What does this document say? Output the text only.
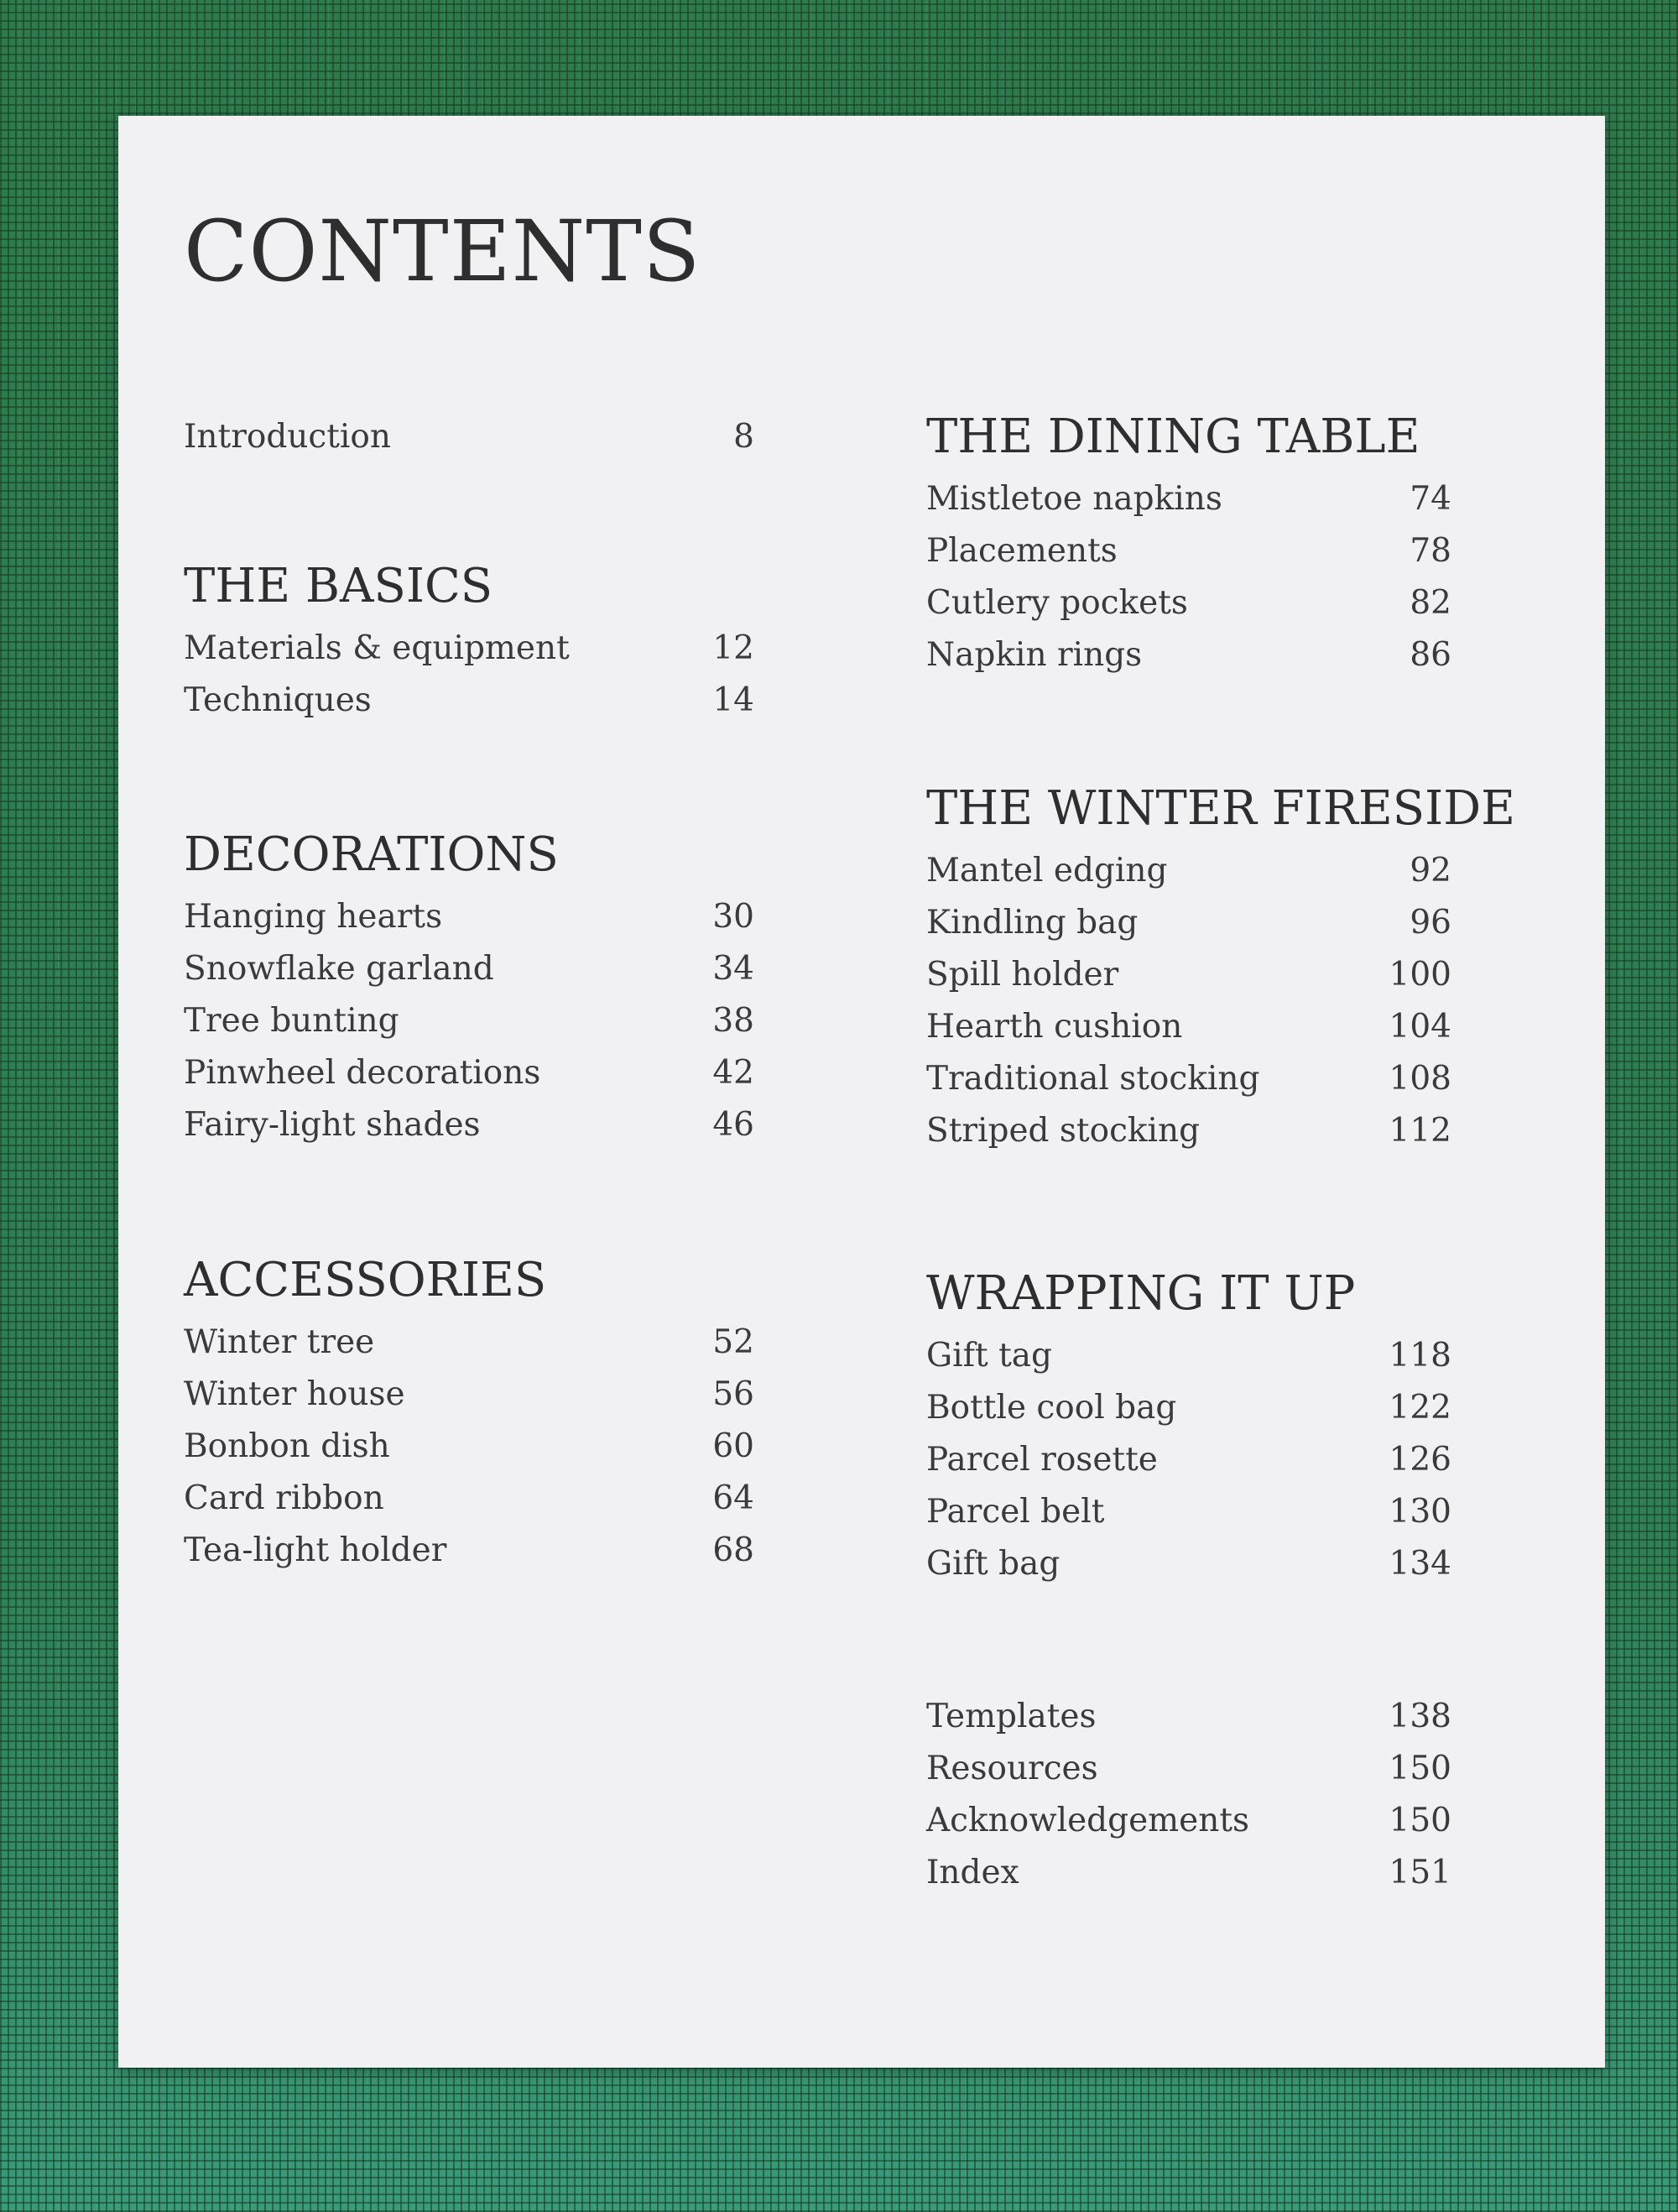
CONTENTS
Introduction	8
THE BASICS
Materials & equipment	12
Techniques	14
DECORATIONS
Hanging hearts	30
Snowflake garland	34
Tree bunting	38
Pinwheel decorations	42
Fairy-light shades	46
ACCESSORIES
Winter tree	52
Winter house	56
Bonbon dish	60
Card ribbon	64
Tea-light holder	68
THE DINING TABLE
Mistletoe napkins	74
Placements	78
Cutlery pockets	82
Napkin rings	86
THE WINTER FIRESIDE
Mantel edging	92
Kindling bag	96
Spill holder	100
Hearth cushion	104
Traditional stocking	108
Striped stocking	112
WRAPPING IT UP
Gift tag	118
Bottle cool bag	122
Parcel rosette	126
Parcel belt	130
Gift bag	134
Templates	138
Resources	150
Acknowledgements	150
Index	151
